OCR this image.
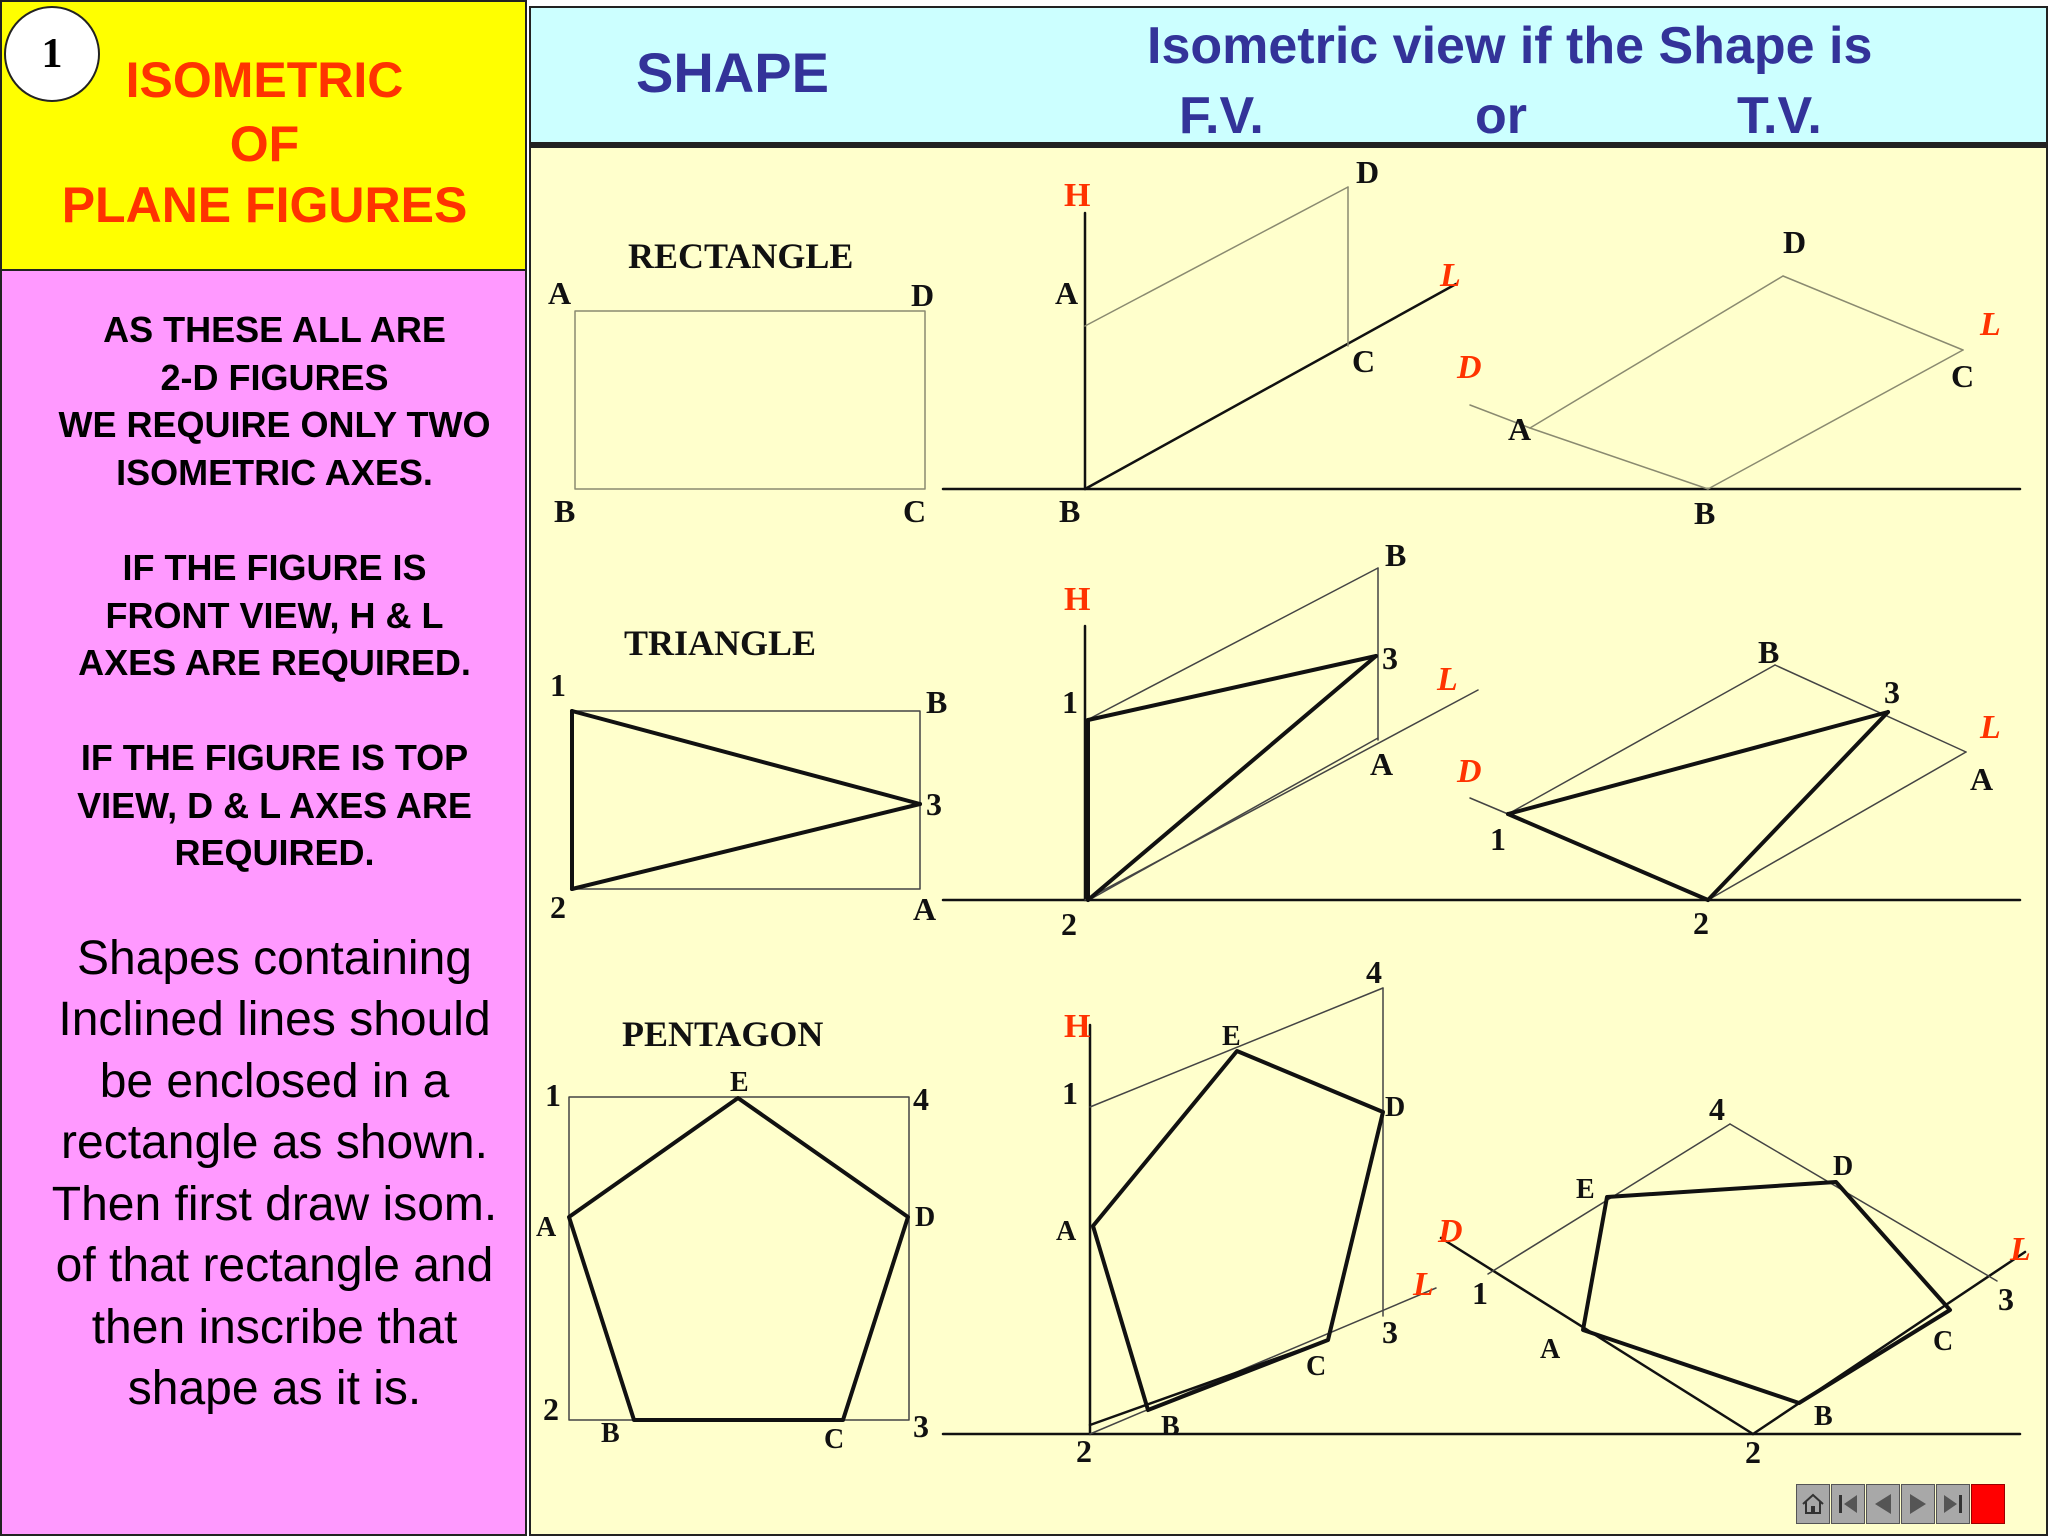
ISOMETRIC
OF
PLANE FIGURES
1
AS THESE ALL ARE
2-D FIGURES
WE REQUIRE ONLY TWO
ISOMETRIC AXES.
IF THE FIGURE IS
FRONT VIEW, H & L
AXES ARE REQUIRED.
IF THE FIGURE IS TOP
VIEW, D & L AXES ARE
REQUIRED.
Shapes containing
Inclined lines should
be enclosed in a
rectangle as shown.
Then first draw isom.
of that rectangle and
then inscribe that
shape as it is.
SHAPE	Isometric view if the Shape is
F.V.	or	T.V.
RECTANGLE
A	D
B	C
H
L
A
B
C
D
D
L
A
B
C
D
TRIANGLE
1
2
3
B
A
H
L
1
2
3
A
B
D
L
1
2
3
A
B
PENTAGON
1
2	3
4
A
B	C
D
E
H
L
1
2
3
4
A
B
C
D
E
D	L
1
2
3
4
A
B
C
D
E
